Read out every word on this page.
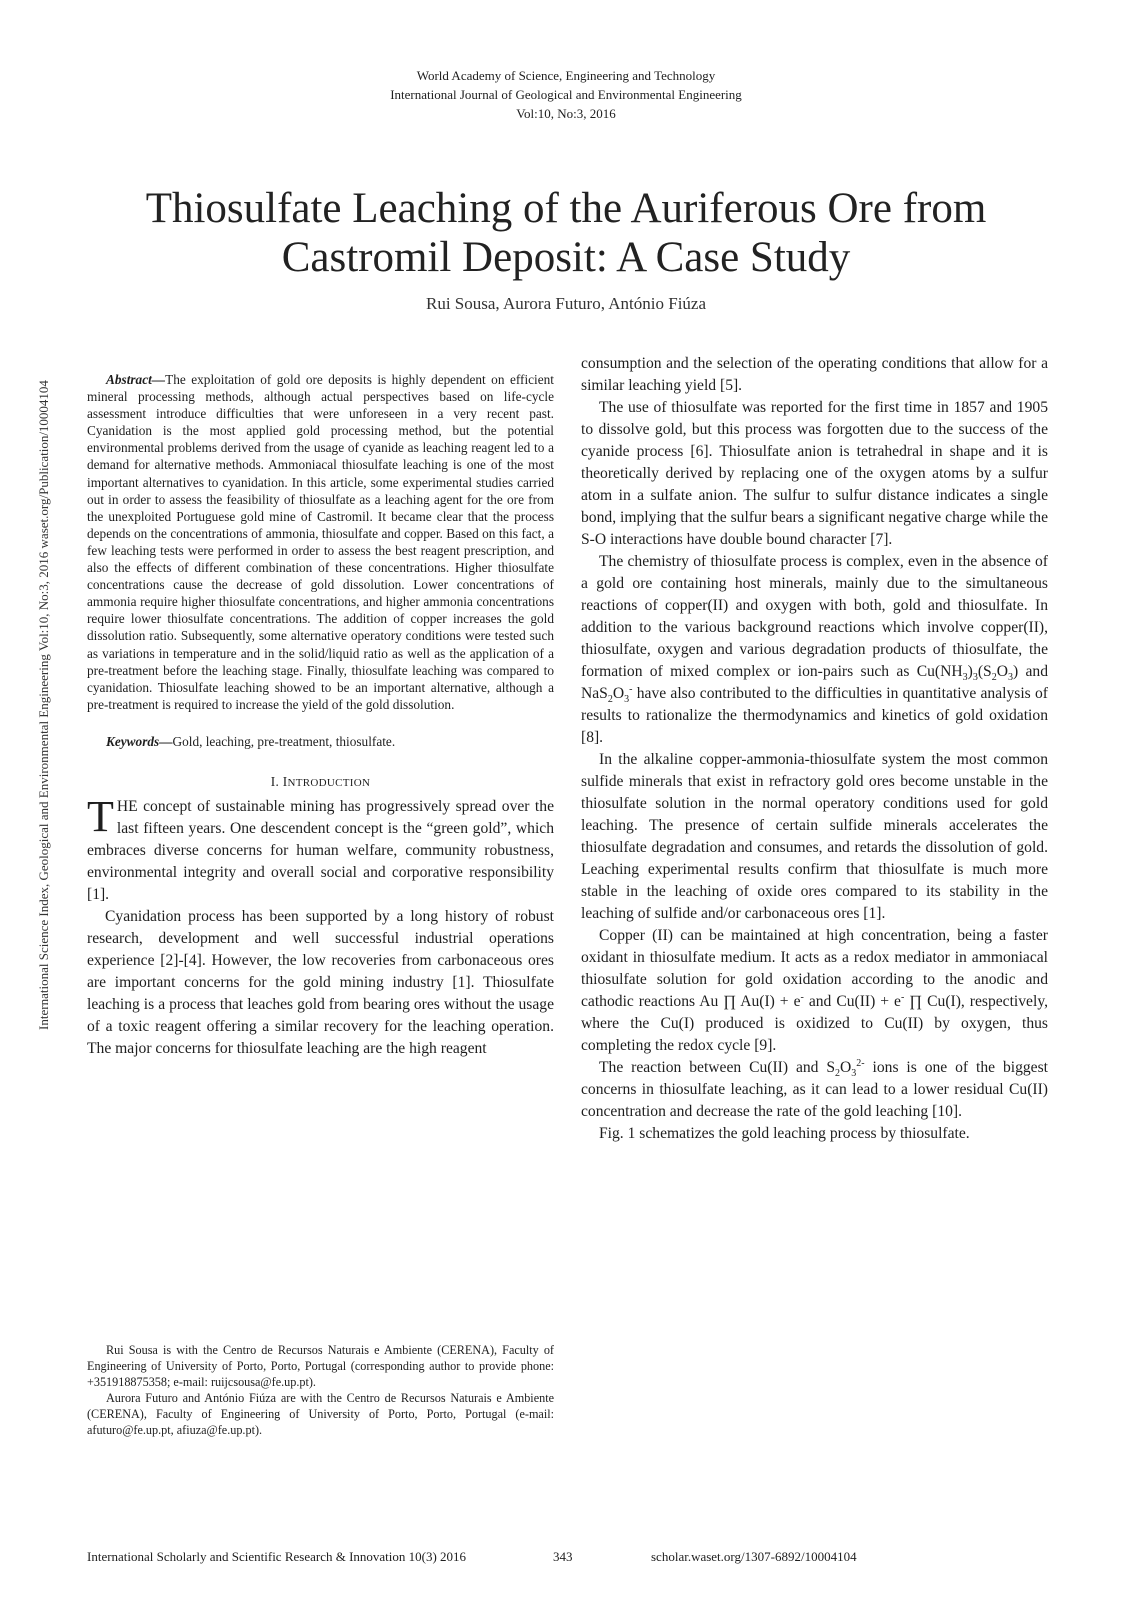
World Academy of Science, Engineering and Technology
International Journal of Geological and Environmental Engineering
Vol:10, No:3, 2016
Thiosulfate Leaching of the Auriferous Ore from
Castromil Deposit: A Case Study
Rui Sousa, Aurora Futuro, António Fiúza
International Science Index, Geological and Environmental Engineering Vol:10, No:3, 2016 waset.org/Publication/10004104

Abstract—The exploitation of gold ore deposits is highly dependent on efficient mineral processing methods, although actual perspectives based on life-cycle assessment introduce difficulties that were unforeseen in a very recent past. Cyanidation is the most applied gold processing method, but the potential environmental problems derived from the usage of cyanide as leaching reagent led to a demand for alternative methods. Ammoniacal thiosulfate leaching is one of the most important alternatives to cyanidation. In this article, some experimental studies carried out in order to assess the feasibility of thiosulfate as a leaching agent for the ore from the unexploited Portuguese gold mine of Castromil. It became clear that the process depends on the concentrations of ammonia, thiosulfate and copper. Based on this fact, a few leaching tests were performed in order to assess the best reagent prescription, and also the effects of different combination of these concentrations. Higher thiosulfate concentrations cause the decrease of gold dissolution. Lower concentrations of ammonia require higher thiosulfate concentrations, and higher ammonia concentrations require lower thiosulfate concentrations. The addition of copper increases the gold dissolution ratio. Subsequently, some alternative operatory conditions were tested such as variations in temperature and in the solid/liquid ratio as well as the application of a pre-treatment before the leaching stage. Finally, thiosulfate leaching was compared to cyanidation. Thiosulfate leaching showed to be an important alternative, although a pre-treatment is required to increase the yield of the gold dissolution.

Keywords—Gold, leaching, pre-treatment, thiosulfate.

I. INTRODUCTION

THE concept of sustainable mining has progressively spread over the last fifteen years. One descendent concept is the “green gold”, which embraces diverse concerns for human welfare, community robustness, environmental integrity and overall social and corporative responsibility [1].

Cyanidation process has been supported by a long history of robust research, development and well successful industrial operations experience [2]-[4]. However, the low recoveries from carbonaceous ores are important concerns for the gold mining industry [1]. Thiosulfate leaching is a process that leaches gold from bearing ores without the usage of a toxic reagent offering a similar recovery for the leaching operation. The major concerns for thiosulfate leaching are the high reagent

consumption and the selection of the operating conditions that allow for a similar leaching yield [5].

The use of thiosulfate was reported for the first time in 1857 and 1905 to dissolve gold, but this process was forgotten due to the success of the cyanide process [6]. Thiosulfate anion is tetrahedral in shape and it is theoretically derived by replacing one of the oxygen atoms by a sulfur atom in a sulfate anion. The sulfur to sulfur distance indicates a single bond, implying that the sulfur bears a significant negative charge while the S-O interactions have double bound character [7].

The chemistry of thiosulfate process is complex, even in the absence of a gold ore containing host minerals, mainly due to the simultaneous reactions of copper(II) and oxygen with both, gold and thiosulfate. In addition to the various background reactions which involve copper(II), thiosulfate, oxygen and various degradation products of thiosulfate, the formation of mixed complex or ion-pairs such as $Cu(NH_3)_3(S_2O_3)$ and $NaS_2O_3^-$ have also contributed to the difficulties in quantitative analysis of results to rationalize the thermodynamics and kinetics of gold oxidation [8].

In the alkaline copper-ammonia-thiosulfate system the most common sulfide minerals that exist in refractory gold ores become unstable in the thiosulfate solution in the normal operatory conditions used for gold leaching. The presence of certain sulfide minerals accelerates the thiosulfate degradation and consumes, and retards the dissolution of gold. Leaching experimental results confirm that thiosulfate is much more stable in the leaching of oxide ores compared to its stability in the leaching of sulfide and/or carbonaceous ores [1].

Copper (II) can be maintained at high concentration, being a faster oxidant in thiosulfate medium. It acts as a redox mediator in ammoniacal thiosulfate solution for gold oxidation according to the anodic and cathodic reactions Au ∏ Au(I) + e- and Cu(II) + e- ∏ Cu(I), respectively, where the Cu(I) produced is oxidized to Cu(II) by oxygen, thus completing the redox cycle [9].

The reaction between Cu(II) and $S_2O_3^{2-}$ ions is one of the biggest concerns in thiosulfate leaching, as it can lead to a lower residual Cu(II) concentration and decrease the rate of the gold leaching [10].

Fig. 1 schematizes the gold leaching process by thiosulfate.

Rui Sousa is with the Centro de Recursos Naturais e Ambiente (CERENA), Faculty of Engineering of University of Porto, Porto, Portugal (corresponding author to provide phone: +351918875358; e-mail: ruijcsousa@fe.up.pt).

Aurora Futuro and António Fiúza are with the Centro de Recursos Naturais e Ambiente (CERENA), Faculty of Engineering of University of Porto, Porto, Portugal (e-mail: afuturo@fe.up.pt, afiuza@fe.up.pt).

International Scholarly and Scientific Research & Innovation 10(3) 2016	343	scholar.waset.org/1307-6892/10004104
